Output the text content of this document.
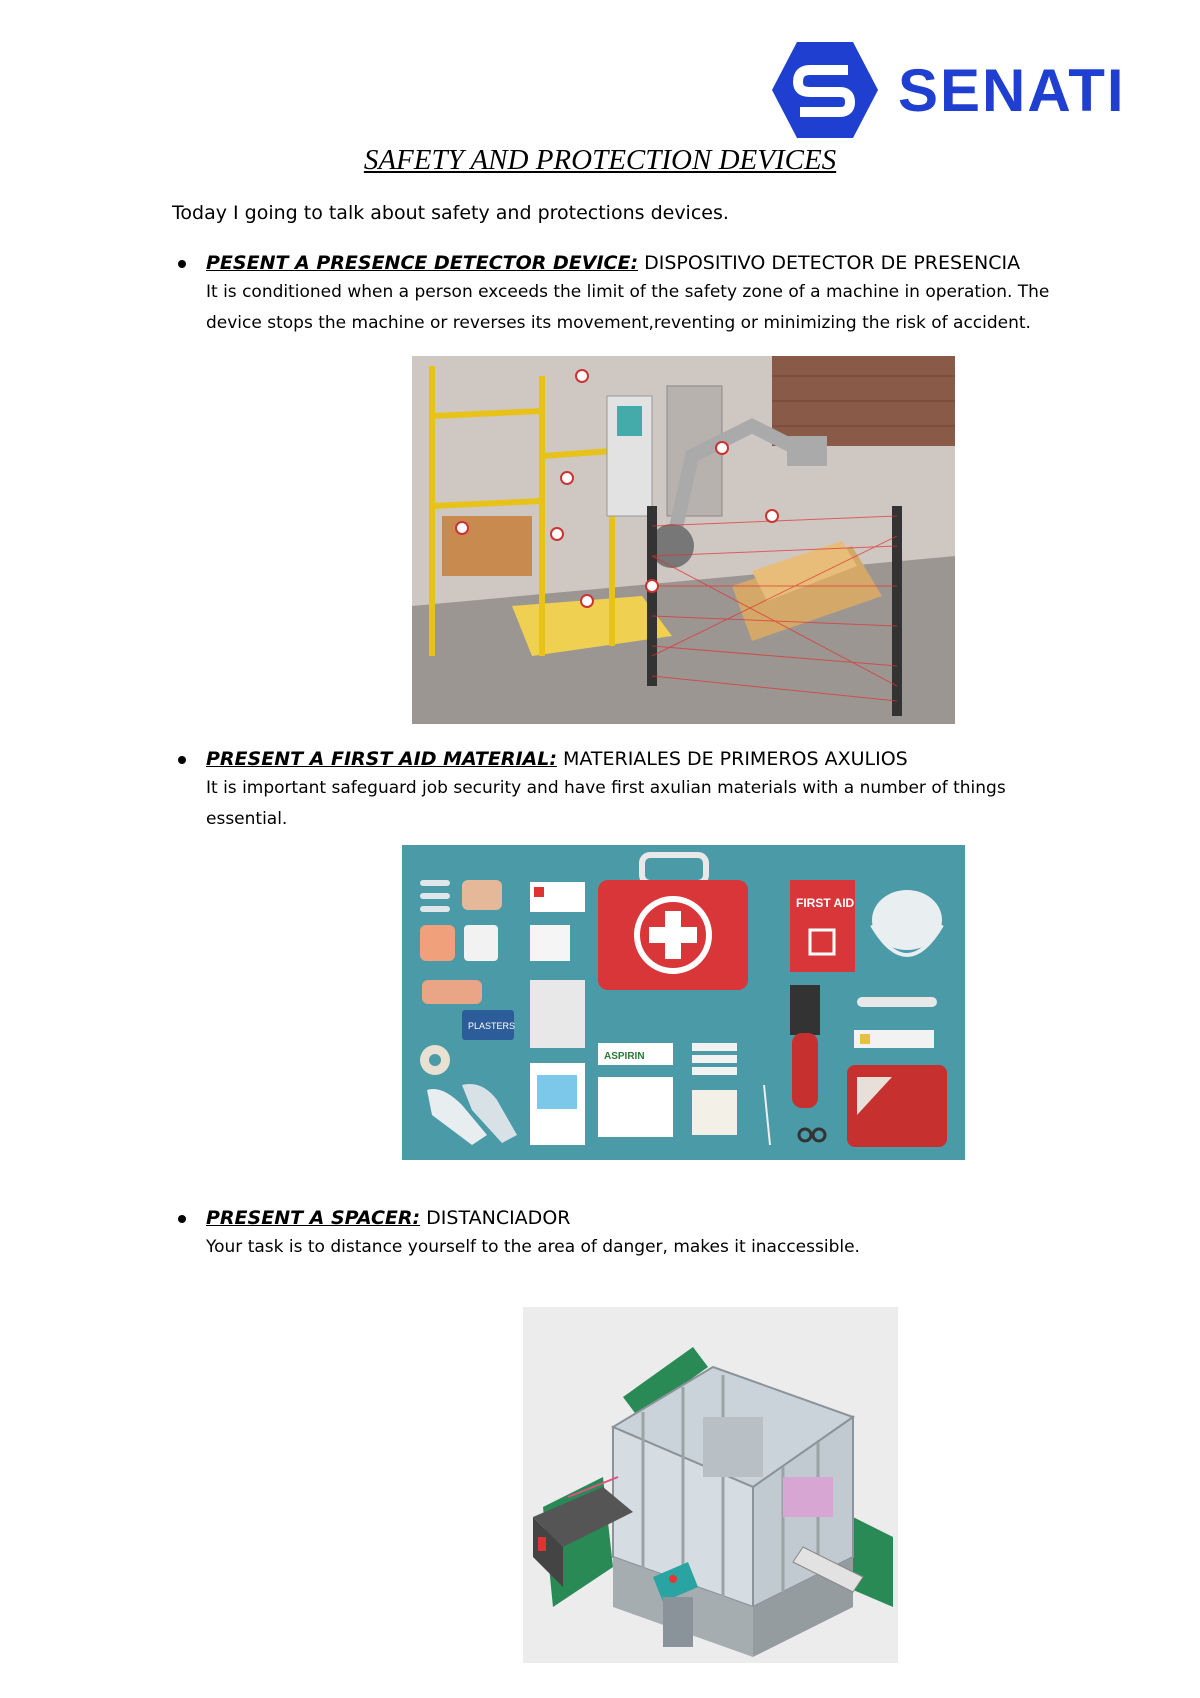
SENATI
SAFETY AND PROTECTION DEVICES
Today I going to talk about safety and protections devices.
PESENT A PRESENCE DETECTOR DEVICE: DISPOSITIVO DETECTOR DE PRESENCIA
It is conditioned when a person exceeds the limit of the safety zone of a machine in operation. The
device stops the machine or reverses its movement,reventing or minimizing the risk of accident.
PRESENT A FIRST AID MATERIAL: MATERIALES DE PRIMEROS AXULIOS
It is important safeguard job security and have first axulian materials with a number of things
essential.
PLASTERS
FIRST AID
ASPIRIN
PRESENT A SPACER: DISTANCIADOR
Your task is to distance yourself to the area of danger, makes it inaccessible.
